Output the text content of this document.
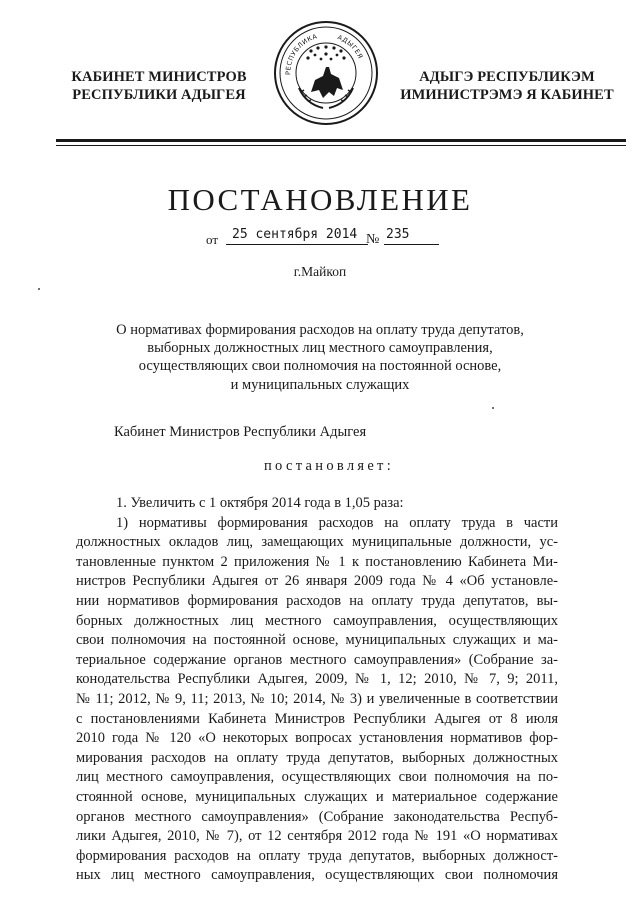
КАБИНЕТ МИНИСТРОВ
РЕСПУБЛИКИ АДЫГЕЯ
РЕСПУБЛИКА	АДЫГЕЯ
АДЫГЭ РЕСПУБЛИКЭМ
ИМИНИСТРЭМЭ Я КАБИНЕТ
ПОСТАНОВЛЕНИЕ
от 25 сентября 2014 № 235
г.Майкоп
О нормативах формирования расходов на оплату труда депутатов,
выборных должностных лиц местного самоуправления,
осуществляющих свои полномочия на постоянной основе,
и муниципальных служащих
Кабинет Министров Республики Адыгея
постановляет:
1. Увеличить с 1 октября 2014 года в 1,05 раза:
1) нормативы формирования расходов на оплату труда в части
должностных окладов лиц, замещающих муниципальные должности, ус-
тановленные пунктом 2 приложения № 1 к постановлению Кабинета Ми-
нистров Республики Адыгея от 26 января 2009 года № 4 «Об установле-
нии нормативов формирования расходов на оплату труда депутатов, вы-
борных должностных лиц местного самоуправления, осуществляющих
свои полномочия на постоянной основе, муниципальных служащих и ма-
териальное содержание органов местного самоуправления» (Собрание за-
конодательства Республики Адыгея, 2009, № 1, 12; 2010, № 7, 9; 2011,
№ 11; 2012, № 9, 11; 2013, № 10; 2014, № 3) и увеличенные в соответствии
с постановлениями Кабинета Министров Республики Адыгея от 8 июля
2010 года № 120 «О некоторых вопросах установления нормативов фор-
мирования расходов на оплату труда депутатов, выборных должностных
лиц местного самоуправления, осуществляющих свои полномочия на по-
стоянной основе, муниципальных служащих и материальное содержание
органов местного самоуправления» (Собрание законодательства Респуб-
лики Адыгея, 2010, № 7), от 12 сентября 2012 года № 191 «О нормативах
формирования расходов на оплату труда депутатов, выборных должност-
ных лиц местного самоуправления, осуществляющих свои полномочия
